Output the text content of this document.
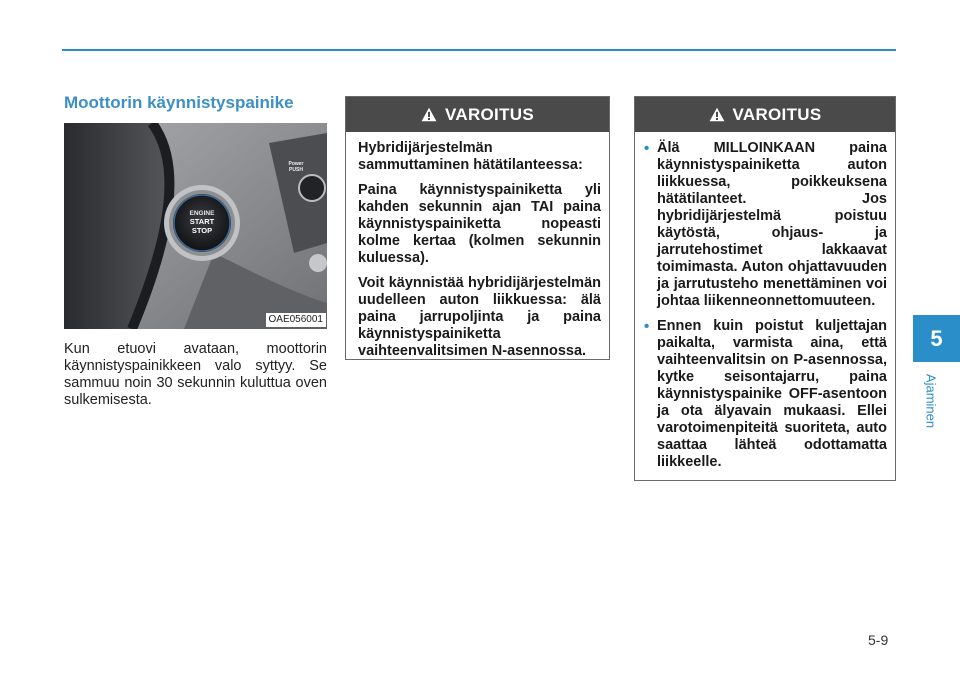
Moottorin käynnistyspainike
ENGINE
START
STOP
Power
PUSH
OAE056001

Kun etuovi avataan, moottorin käynnistyspainikkeen valo syttyy. Se sammuu noin 30 sekunnin kuluttua oven sulkemisesta.

VAROITUS

Hybridijärjestelmän sammuttaminen hätätilanteessa:

Paina käynnistyspainiketta yli kahden sekunnin ajan TAI paina käynnistyspainiketta nopeasti kolme kertaa (kolmen sekunnin kuluessa).

Voit käynnistää hybridijärjestelmän uudelleen auton liikkuessa: älä paina jarrupoljinta ja paina käynnistyspainiketta vaihteenvalitsimen N-asennossa.

VAROITUS
• Älä MILLOINKAAN paina käynnistyspainiketta auton liikkuessa, poikkeuksena hätätilanteet. Jos hybridijärjestelmä poistuu käytöstä, ohjaus- ja jarrutehostimet lakkaavat toimimasta. Auton ohjattavuuden ja jarrutusteho menettäminen voi johtaa liikenneonnettomuuteen.
• Ennen kuin poistut kuljettajan paikalta, varmista aina, että vaihteenvalitsin on P-asennossa, kytke seisontajarru, paina käynnistyspainike OFF-asentoon ja ota älyavain mukaasi. Ellei varotoimenpiteitä suoriteta, auto saattaa lähteä odottamatta liikkeelle.
5
Ajaminen
5-9
